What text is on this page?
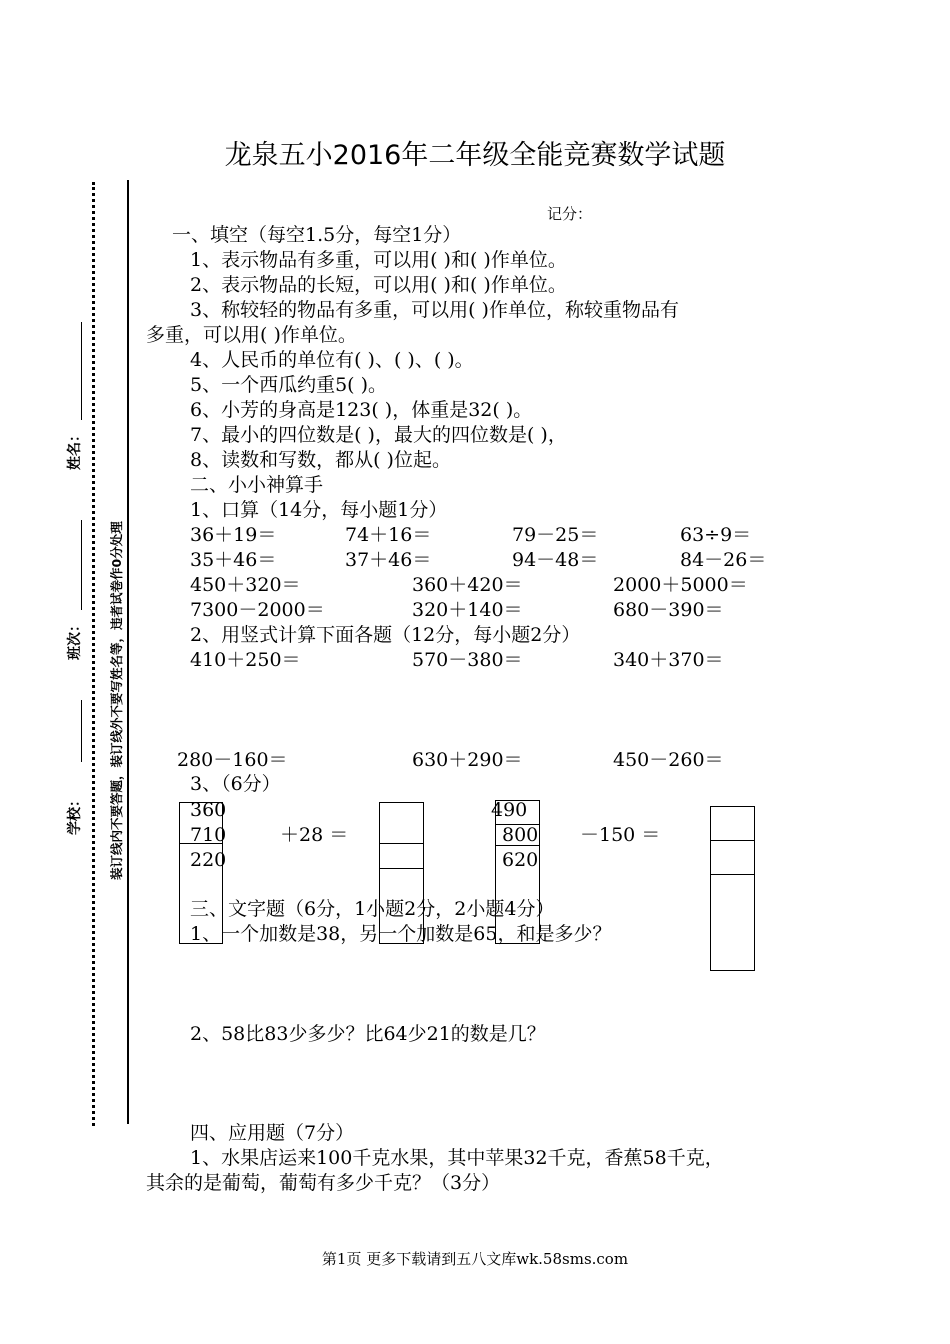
龙泉五小2016年二年级全能竞赛数学试题
学校：
班次：
姓名：
装订线内不要答题，装订线外不要写姓名等，违者试卷作0分处理
记分：
一、填空（每空1.5分，每空1分）
1、表示物品有多重，可以用( )和( )作单位。
2、表示物品的长短，可以用( )和( )作单位。
3、称较轻的物品有多重，可以用( )作单位，称较重物品有
多重，可以用( )作单位。
4、人民币的单位有( )、( )、( )。
5、一个西瓜约重5( )。
6、小芳的身高是123( )，体重是32( )。
7、最小的四位数是( )，最大的四位数是( )，
8、读数和写数，都从( )位起。
二、小小神算手
1、口算（14分，每小题1分）
36＋19＝	74＋16＝	79－25＝	63÷9＝
35＋46＝	37＋46＝	94－48＝	84－26＝
450＋320＝	360＋420＝	2000＋5000＝
7300－2000＝	320＋140＝	680－390＝
2、用竖式计算下面各题（12分，每小题2分）
410＋250＝	570－380＝	340＋370＝
280－160＝	630＋290＝	450－260＝
3、（6分）
360
710
220
＋28 ＝
490
800
620
－150 ＝
三、文字题（6分，1小题2分，2小题4分）
1、一个加数是38，另一个加数是65，和是多少？
2、58比83少多少？比64少21的数是几？
四、应用题（7分）
1、水果店运来100千克水果，其中苹果32千克，香蕉58千克，
其余的是葡萄，葡萄有多少千克？（3分）
第1页 更多下载请到五八文库wk.58sms.com
